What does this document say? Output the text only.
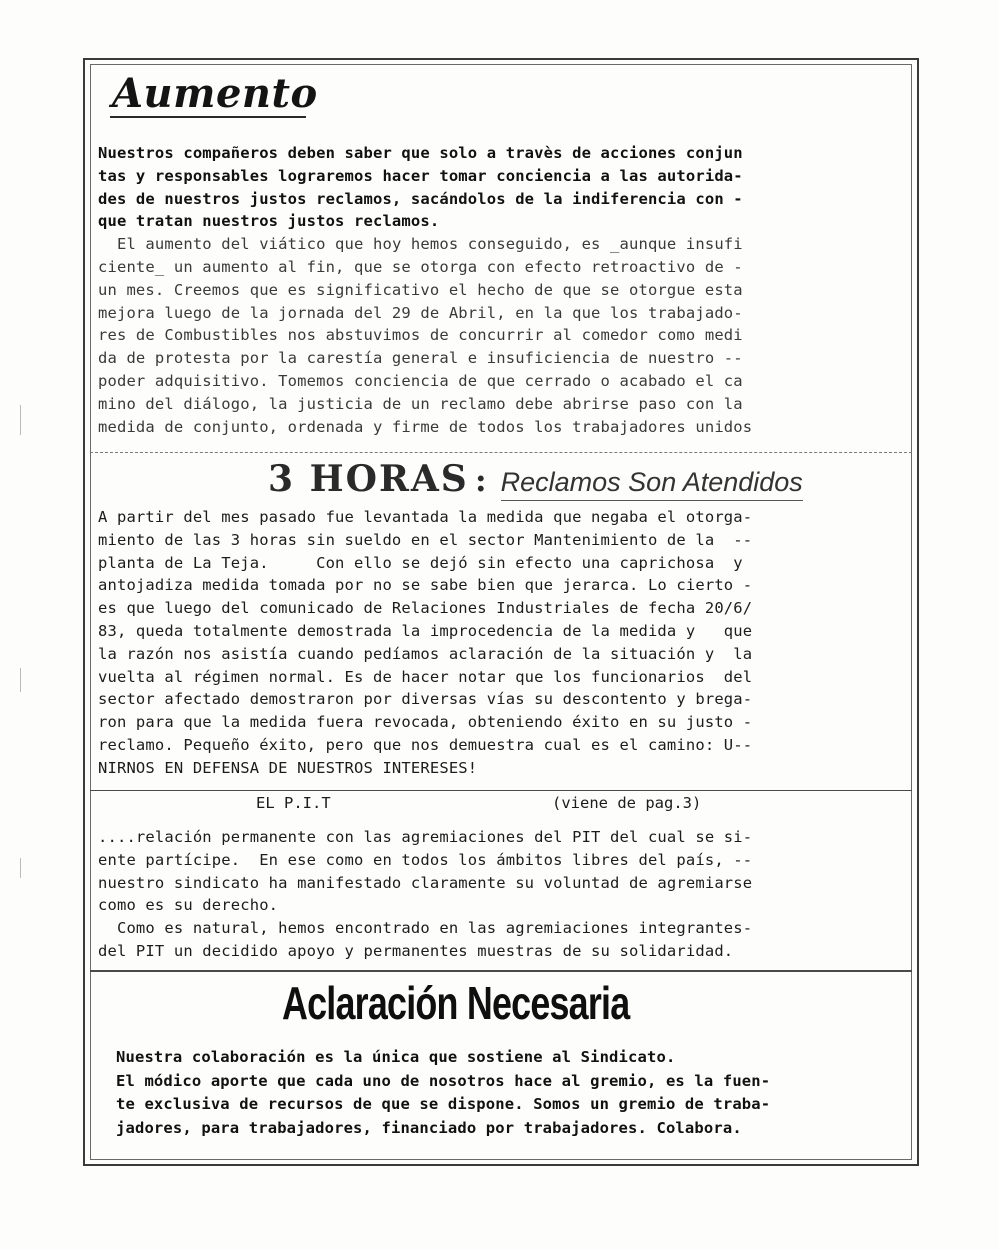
Aumento

Nuestros compañeros deben saber que solo a travès de acciones conjun
tas y responsables lograremos hacer tomar conciencia a las autorida-
des de nuestros justos reclamos, sacándolos de la indiferencia con -
que tratan nuestros justos reclamos.

El aumento del viático que hoy hemos conseguido, es _aunque insufi
ciente_ un aumento al fin, que se otorga con efecto retroactivo de -
un mes. Creemos que es significativo el hecho de que se otorgue esta
mejora luego de la jornada del 29 de Abril, en la que los trabajado-
res de Combustibles nos abstuvimos de concurrir al comedor como medi
da de protesta por la carestía general e insuficiencia de nuestro --
poder adquisitivo. Tomemos conciencia de que cerrado o acabado el ca
mino del diálogo, la justicia de un reclamo debe abrirse paso con la
medida de conjunto, ordenada y firme de todos los trabajadores unidos

3 HORAS : Reclamos Son Atendidos

A partir del mes pasado fue levantada la medida que negaba el otorga-
miento de las 3 horas sin sueldo en el sector Mantenimiento de la  --
planta de La Teja.     Con ello se dejó sin efecto una caprichosa  y
antojadiza medida tomada por no se sabe bien que jerarca. Lo cierto -
es que luego del comunicado de Relaciones Industriales de fecha 20/6/
83, queda totalmente demostrada la improcedencia de la medida y   que
la razón nos asistía cuando pedíamos aclaración de la situación y  la
vuelta al régimen normal. Es de hacer notar que los funcionarios  del
sector afectado demostraron por diversas vías su descontento y brega-
ron para que la medida fuera revocada, obteniendo éxito en su justo -
reclamo. Pequeño éxito, pero que nos demuestra cual es el camino: U--
NIRNOS EN DEFENSA DE NUESTROS INTERESES!

EL P.I.T	(viene de pag.3)

....relación permanente con las agremiaciones del PIT del cual se si-
ente partícipe.  En ese como en todos los ámbitos libres del país, --
nuestro sindicato ha manifestado claramente su voluntad de agremiarse
como es su derecho.

Como es natural, hemos encontrado en las agremiaciones integrantes-
del PIT un decidido apoyo y permanentes muestras de su solidaridad.

Aclaración Necesaria

Nuestra colaboración es la única que sostiene al Sindicato.
El módico aporte que cada uno de nosotros hace al gremio, es la fuen-
te exclusiva de recursos de que se dispone. Somos un gremio de traba-
jadores, para trabajadores, financiado por trabajadores. Colabora.
